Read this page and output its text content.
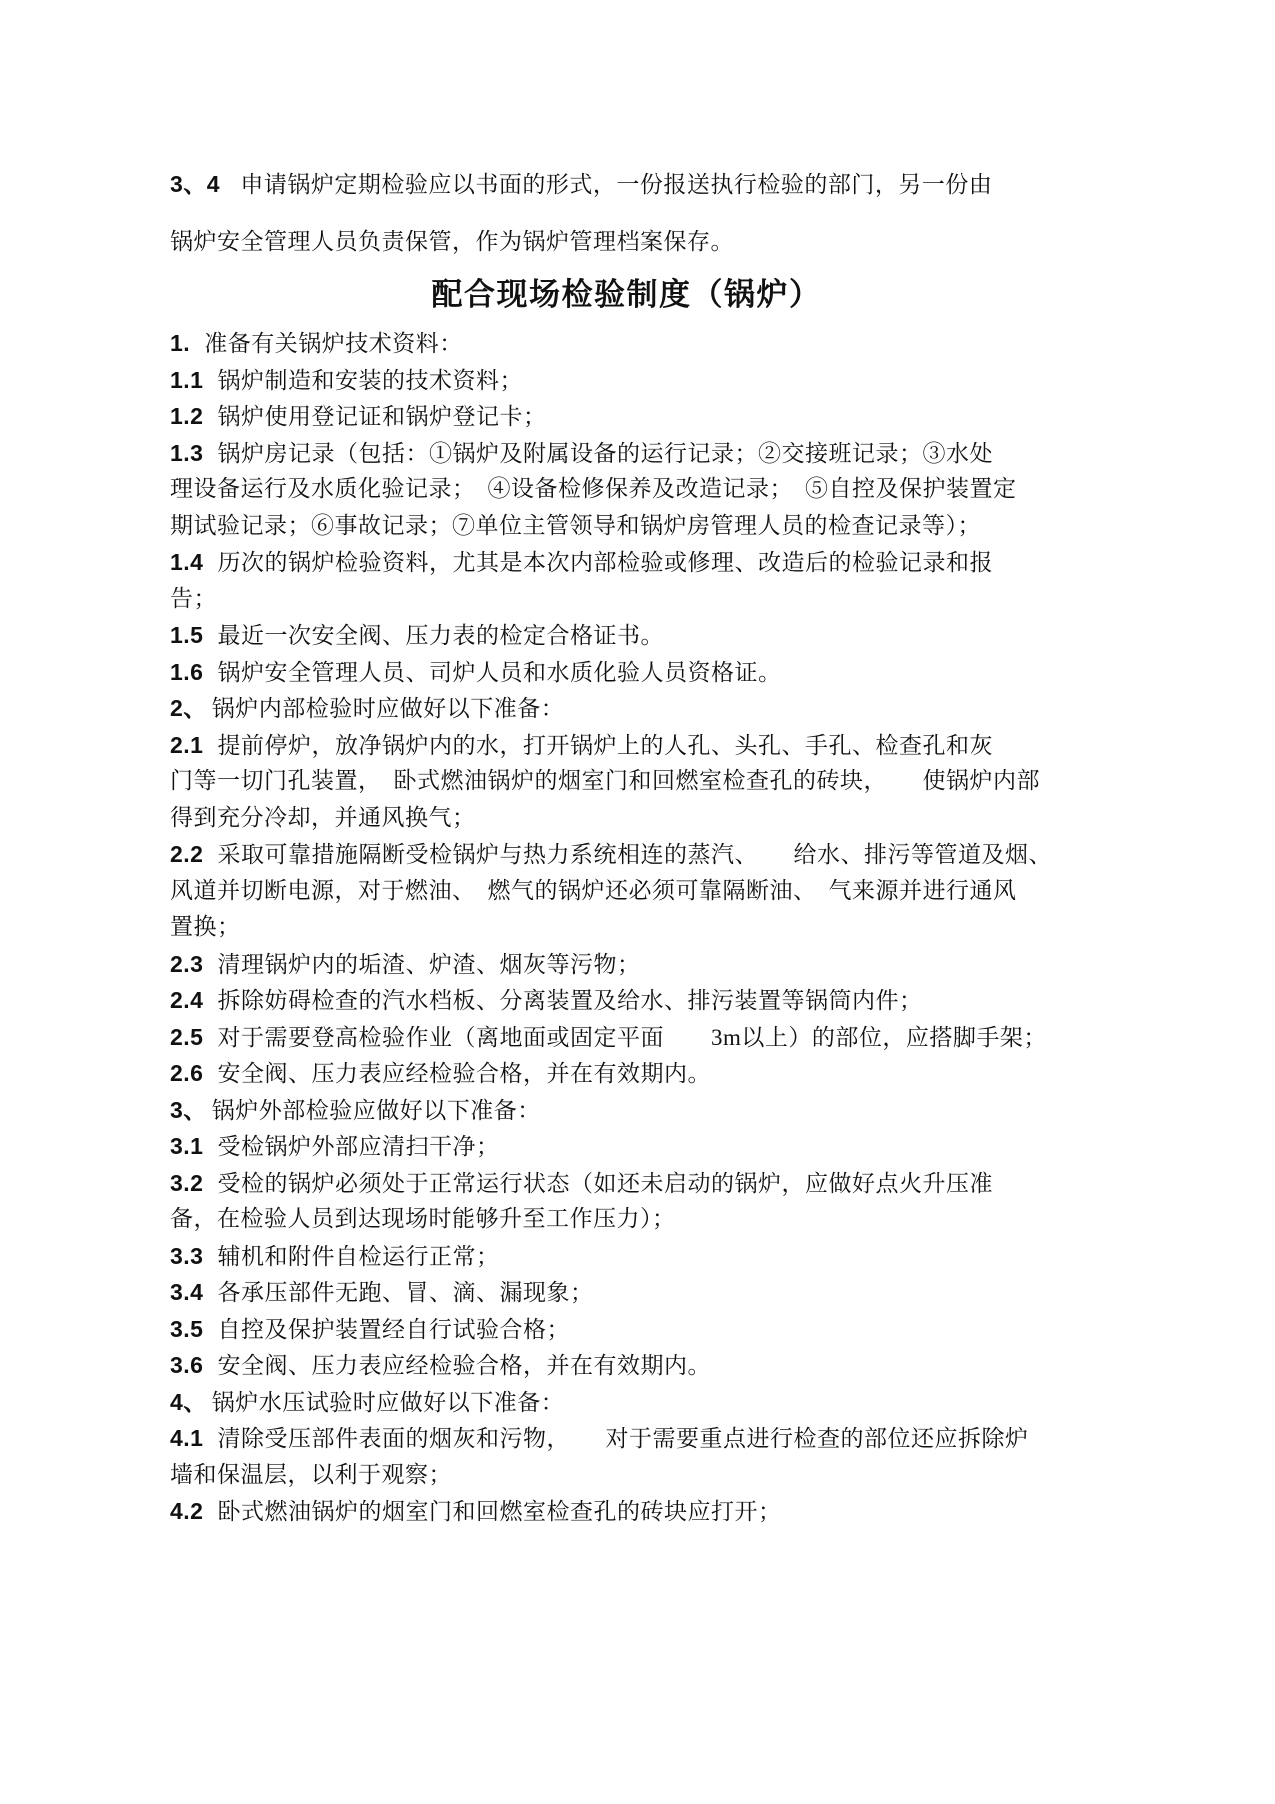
3、4 申请锅炉定期检验应以书面的形式，一份报送执行检验的部门，另一份由
锅炉安全管理人员负责保管，作为锅炉管理档案保存。
配合现场检验制度（锅炉）
1. 准备有关锅炉技术资料：
1.1 锅炉制造和安装的技术资料；
1.2 锅炉使用登记证和锅炉登记卡；
1.3 锅炉房记录（包括：①锅炉及附属设备的运行记录；②交接班记录；③水处
理设备运行及水质化验记录；　④设备检修保养及改造记录；　⑤自控及保护装置定
期试验记录；⑥事故记录；⑦单位主管领导和锅炉房管理人员的检查记录等）；
1.4 历次的锅炉检验资料，尤其是本次内部检验或修理、改造后的检验记录和报
告；
1.5 最近一次安全阀、压力表的检定合格证书。
1.6 锅炉安全管理人员、司炉人员和水质化验人员资格证。
2、 锅炉内部检验时应做好以下准备：
2.1 提前停炉，放净锅炉内的水，打开锅炉上的人孔、头孔、手孔、检查孔和灰
门等一切门孔装置，　卧式燃油锅炉的烟室门和回燃室检查孔的砖块，　　使锅炉内部
得到充分冷却，并通风换气；
2.2 采取可靠措施隔断受检锅炉与热力系统相连的蒸汽、　　给水、排污等管道及烟、
风道并切断电源，对于燃油、　燃气的锅炉还必须可靠隔断油、　气来源并进行通风
置换；
2.3 清理锅炉内的垢渣、炉渣、烟灰等污物；
2.4 拆除妨碍检查的汽水档板、分离装置及给水、排污装置等锅筒内件；
2.5 对于需要登高检验作业（离地面或固定平面　　3m以上）的部位，应搭脚手架；
2.6 安全阀、压力表应经检验合格，并在有效期内。
3、 锅炉外部检验应做好以下准备：
3.1 受检锅炉外部应清扫干净；
3.2 受检的锅炉必须处于正常运行状态（如还未启动的锅炉，应做好点火升压准
备，在检验人员到达现场时能够升至工作压力）；
3.3 辅机和附件自检运行正常；
3.4 各承压部件无跑、冒、滴、漏现象；
3.5 自控及保护装置经自行试验合格；
3.6 安全阀、压力表应经检验合格，并在有效期内。
4、 锅炉水压试验时应做好以下准备：
4.1 清除受压部件表面的烟灰和污物，　　对于需要重点进行检查的部位还应拆除炉
墙和保温层，以利于观察；
4.2 卧式燃油锅炉的烟室门和回燃室检查孔的砖块应打开；
